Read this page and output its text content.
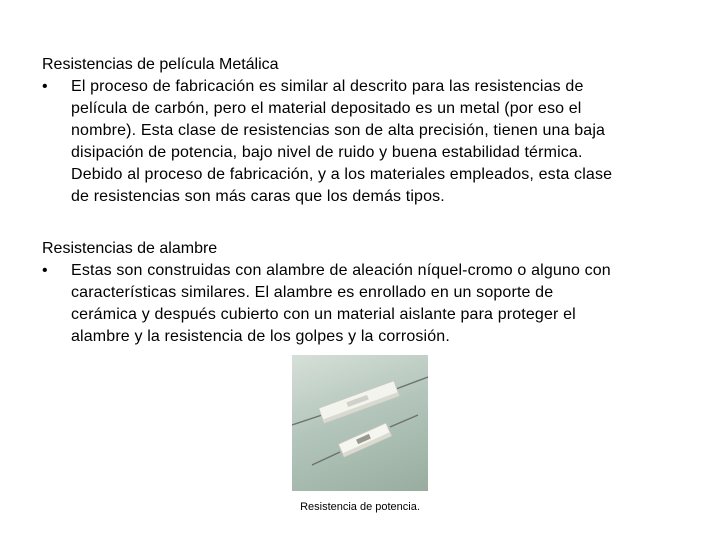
Resistencias de película Metálica

•	El proceso de fabricación es similar al descrito para las resistencias de
película de carbón, pero el material depositado es un metal (por eso el
nombre). Esta clase de resistencias son de alta precisión, tienen una baja
disipación de potencia, bajo nivel de ruido y buena estabilidad térmica.
Debido al proceso de fabricación, y a los materiales empleados, esta clase
de resistencias son más caras que los demás tipos.

Resistencias de alambre

•	Estas son construidas con alambre de aleación níquel-cromo o alguno con
características similares. El alambre es enrollado en un soporte de
cerámica y después cubierto con un material aislante para proteger el
alambre y la resistencia de los golpes y la corrosión.
Resistencia de potencia.
